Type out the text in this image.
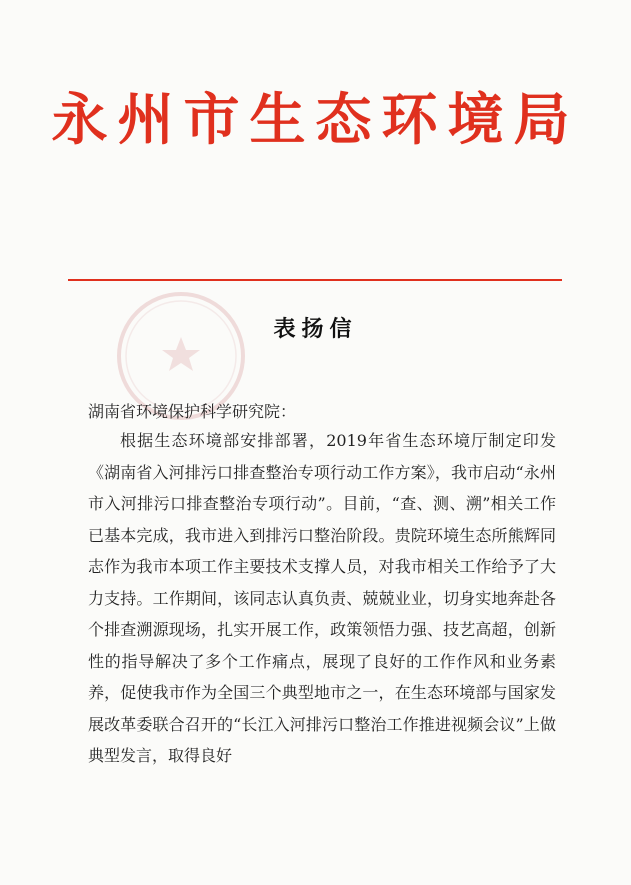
永州市生态环境局
表扬信
湖南省环境保护科学研究院：

根据生态环境部安排部署，2019年省生态环境厅制定印发《湖南省入河排污口排查整治专项行动工作方案》，我市启动“永州市入河排污口排查整治专项行动”。目前，“查、测、溯”相关工作已基本完成，我市进入到排污口整治阶段。贵院环境生态所熊辉同志作为我市本项工作主要技术支撑人员，对我市相关工作给予了大力支持。工作期间，该同志认真负责、兢兢业业，切身实地奔赴各个排查溯源现场，扎实开展工作，政策领悟力强、技艺高超，创新性的指导解决了多个工作痛点，展现了良好的工作作风和业务素养，促使我市作为全国三个典型地市之一，在生态环境部与国家发展改革委联合召开的“长江入河排污口整治工作推进视频会议”上做典型发言，取得良好
